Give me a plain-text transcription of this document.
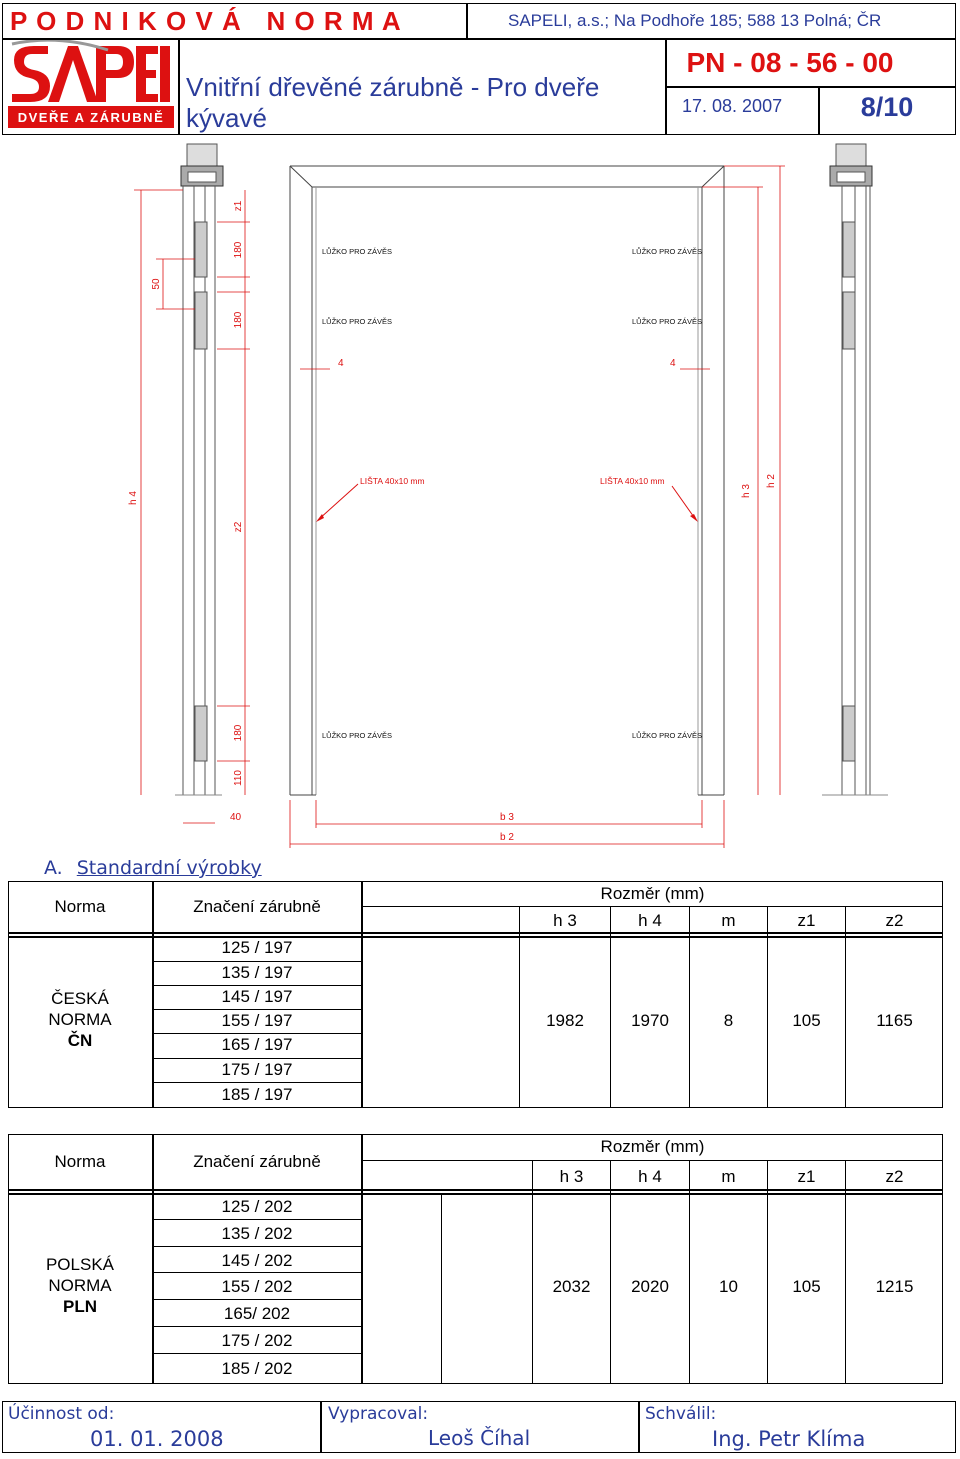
P O D N I K O V Á   N O R M A	SAPELI, a.s.; Na Podhoře 185; 588 13 Polná; ČR
DVEŘE A ZÁRUBNĚ
Vnitřní dřevěné zárubně - Pro dveře
kývavé
PN - 08 - 56 - 00
17. 08. 2007	8/10
LŮŽKO PRO ZÁVĚS	LŮŽKO PRO ZÁVĚS
LŮŽKO PRO ZÁVĚS	LŮŽKO PRO ZÁVĚS
LŮŽKO PRO ZÁVĚS	LŮŽKO PRO ZÁVĚS
LIŠTA 40x10 mm	LIŠTA 40x10 mm
h 4
50
z1
180
180
z2
180
110
40
4	4
h 3
h 2
b 3
b 2
A. Standardní výrobky
Norma	Značení zárubně
Rozměr (mm)
h 3	h 4	m	z1	z2
ČESKÁ
NORMA
ČN
125 / 197
135 / 197
145 / 197
155 / 197
165 / 197
175 / 197
185 / 197
1982	1970	8	105	1165
Norma	Značení zárubně
Rozměr (mm)
h 3	h 4	m	z1	z2
POLSKÁ
NORMA
PLN
125 / 202
135 / 202
145 / 202
155 / 202
165/ 202
175 / 202
185 / 202
2032	2020	10	105	1215
Účinnost od:
01. 01. 2008
Vypracoval:
Leoš Číhal
Schválil:
Ing. Petr Klíma
